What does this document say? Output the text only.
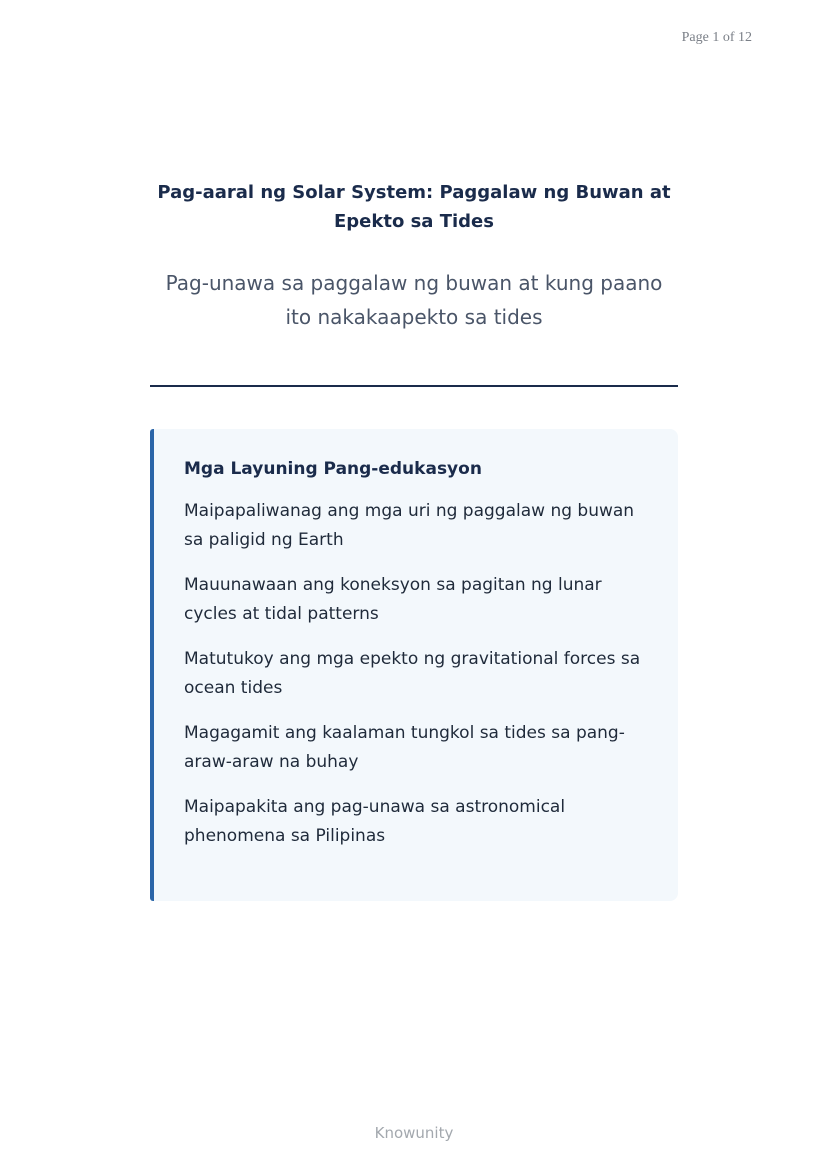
Page 1 of 12
Pag-aaral ng Solar System: Paggalaw ng Buwan at Epekto sa Tides
Pag-unawa sa paggalaw ng buwan at kung paano ito nakakaapekto sa tides
Mga Layuning Pang-edukasyon
Maipapaliwanag ang mga uri ng paggalaw ng buwan sa paligid ng Earth
Mauunawaan ang koneksyon sa pagitan ng lunar cycles at tidal patterns
Matutukoy ang mga epekto ng gravitational forces sa ocean tides
Magagamit ang kaalaman tungkol sa tides sa pang-araw-araw na buhay
Maipapakita ang pag-unawa sa astronomical phenomena sa Pilipinas
Knowunity
